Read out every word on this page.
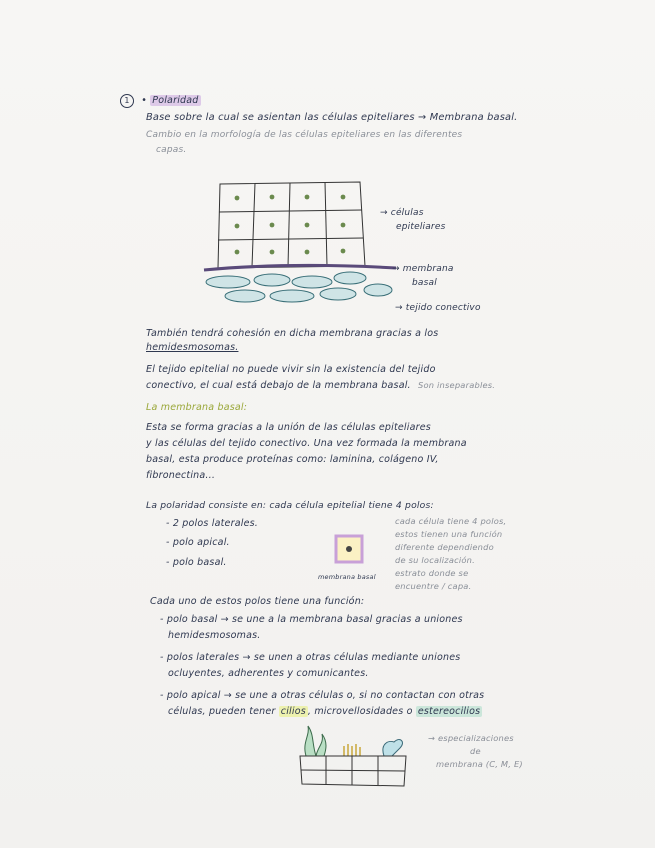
1 • Polaridad
Base sobre la cual se asientan las células epiteliares → Membrana basal.
Cambio en la morfología de las células epiteliares en las diferentes
capas.
→ células
epiteliares
→ membrana
basal
→ tejido conectivo
También tendrá cohesión en dicha membrana gracias a los
hemidesmosomas.
El tejido epitelial no puede vivir sin la existencia del tejido
conectivo, el cual está debajo de la membrana basal. Son inseparables.
La membrana basal:
Esta se forma gracias a la unión de las células epiteliares
y las células del tejido conectivo. Una vez formada la membrana
basal, esta produce proteínas como: laminina, colágeno IV,
fibronectina...
La polaridad consiste en: cada célula epitelial tiene 4 polos:
- 2 polos laterales.
- polo apical.
- polo basal.
membrana basal
cada célula tiene 4 polos,
estos tienen una función
diferente dependiendo
de su localización.
estrato donde se
encuentre / capa.
Cada uno de estos polos tiene una función:
- polo basal → se une a la membrana basal gracias a uniones
hemidesmosomas.
- polos laterales → se unen a otras células mediante uniones
ocluyentes, adherentes y comunicantes.
- polo apical → se une a otras células o, si no contactan con otras
células, pueden tener cilios , microvellosidades o estereocilios
→ especializaciones
de
membrana (C, M, E)
